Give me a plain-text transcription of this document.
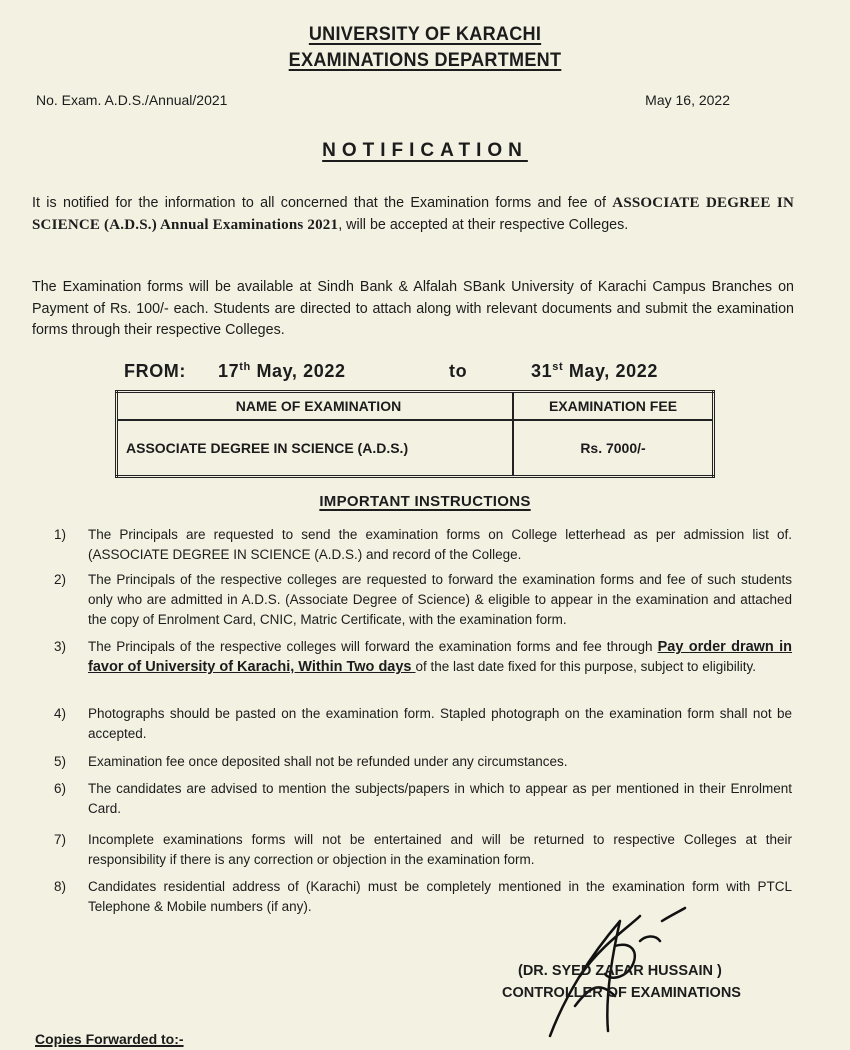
UNIVERSITY OF KARACHI
EXAMINATIONS DEPARTMENT
No. Exam. A.D.S./Annual/2021	May 16, 2022
NOTIFICATION
It is notified for the information to all concerned that the Examination forms and fee of ASSOCIATE DEGREE IN SCIENCE (A.D.S.) Annual Examinations 2021, will be accepted at their respective Colleges.
The Examination forms will be available at Sindh Bank & Alfalah SBank University of Karachi Campus Branches on Payment of Rs. 100/- each. Students are directed to attach along with relevant documents and submit the examination forms through their respective Colleges.
FROM: 17th May, 2022	to	31st May, 2022
NAME OF EXAMINATION	EXAMINATION FEE
ASSOCIATE DEGREE IN SCIENCE (A.D.S.)	Rs. 7000/-
IMPORTANT INSTRUCTIONS
1) The Principals are requested to send the examination forms on College letterhead as per admission list of. (ASSOCIATE DEGREE IN SCIENCE (A.D.S.) and record of the College.
2) The Principals of the respective colleges are requested to forward the examination forms and fee of such students only who are admitted in A.D.S. (Associate Degree of Science) & eligible to appear in the examination and attached the copy of Enrolment Card, CNIC, Matric Certificate, with the examination form.
3) The Principals of the respective colleges will forward the examination forms and fee through Pay order drawn in favor of University of Karachi, Within Two days of the last date fixed for this purpose, subject to eligibility.
4) Photographs should be pasted on the examination form. Stapled photograph on the examination form shall not be accepted.
5) Examination fee once deposited shall not be refunded under any circumstances.
6) The candidates are advised to mention the subjects/papers in which to appear as per mentioned in their Enrolment Card.
7) Incomplete examinations forms will not be entertained and will be returned to respective Colleges at their responsibility if there is any correction or objection in the examination form.
8) Candidates residential address of (Karachi) must be completely mentioned in the examination form with PTCL Telephone & Mobile numbers (if any).
(DR. SYED ZAFAR HUSSAIN )
CONTROLLER OF EXAMINATIONS
Copies Forwarded to:-
